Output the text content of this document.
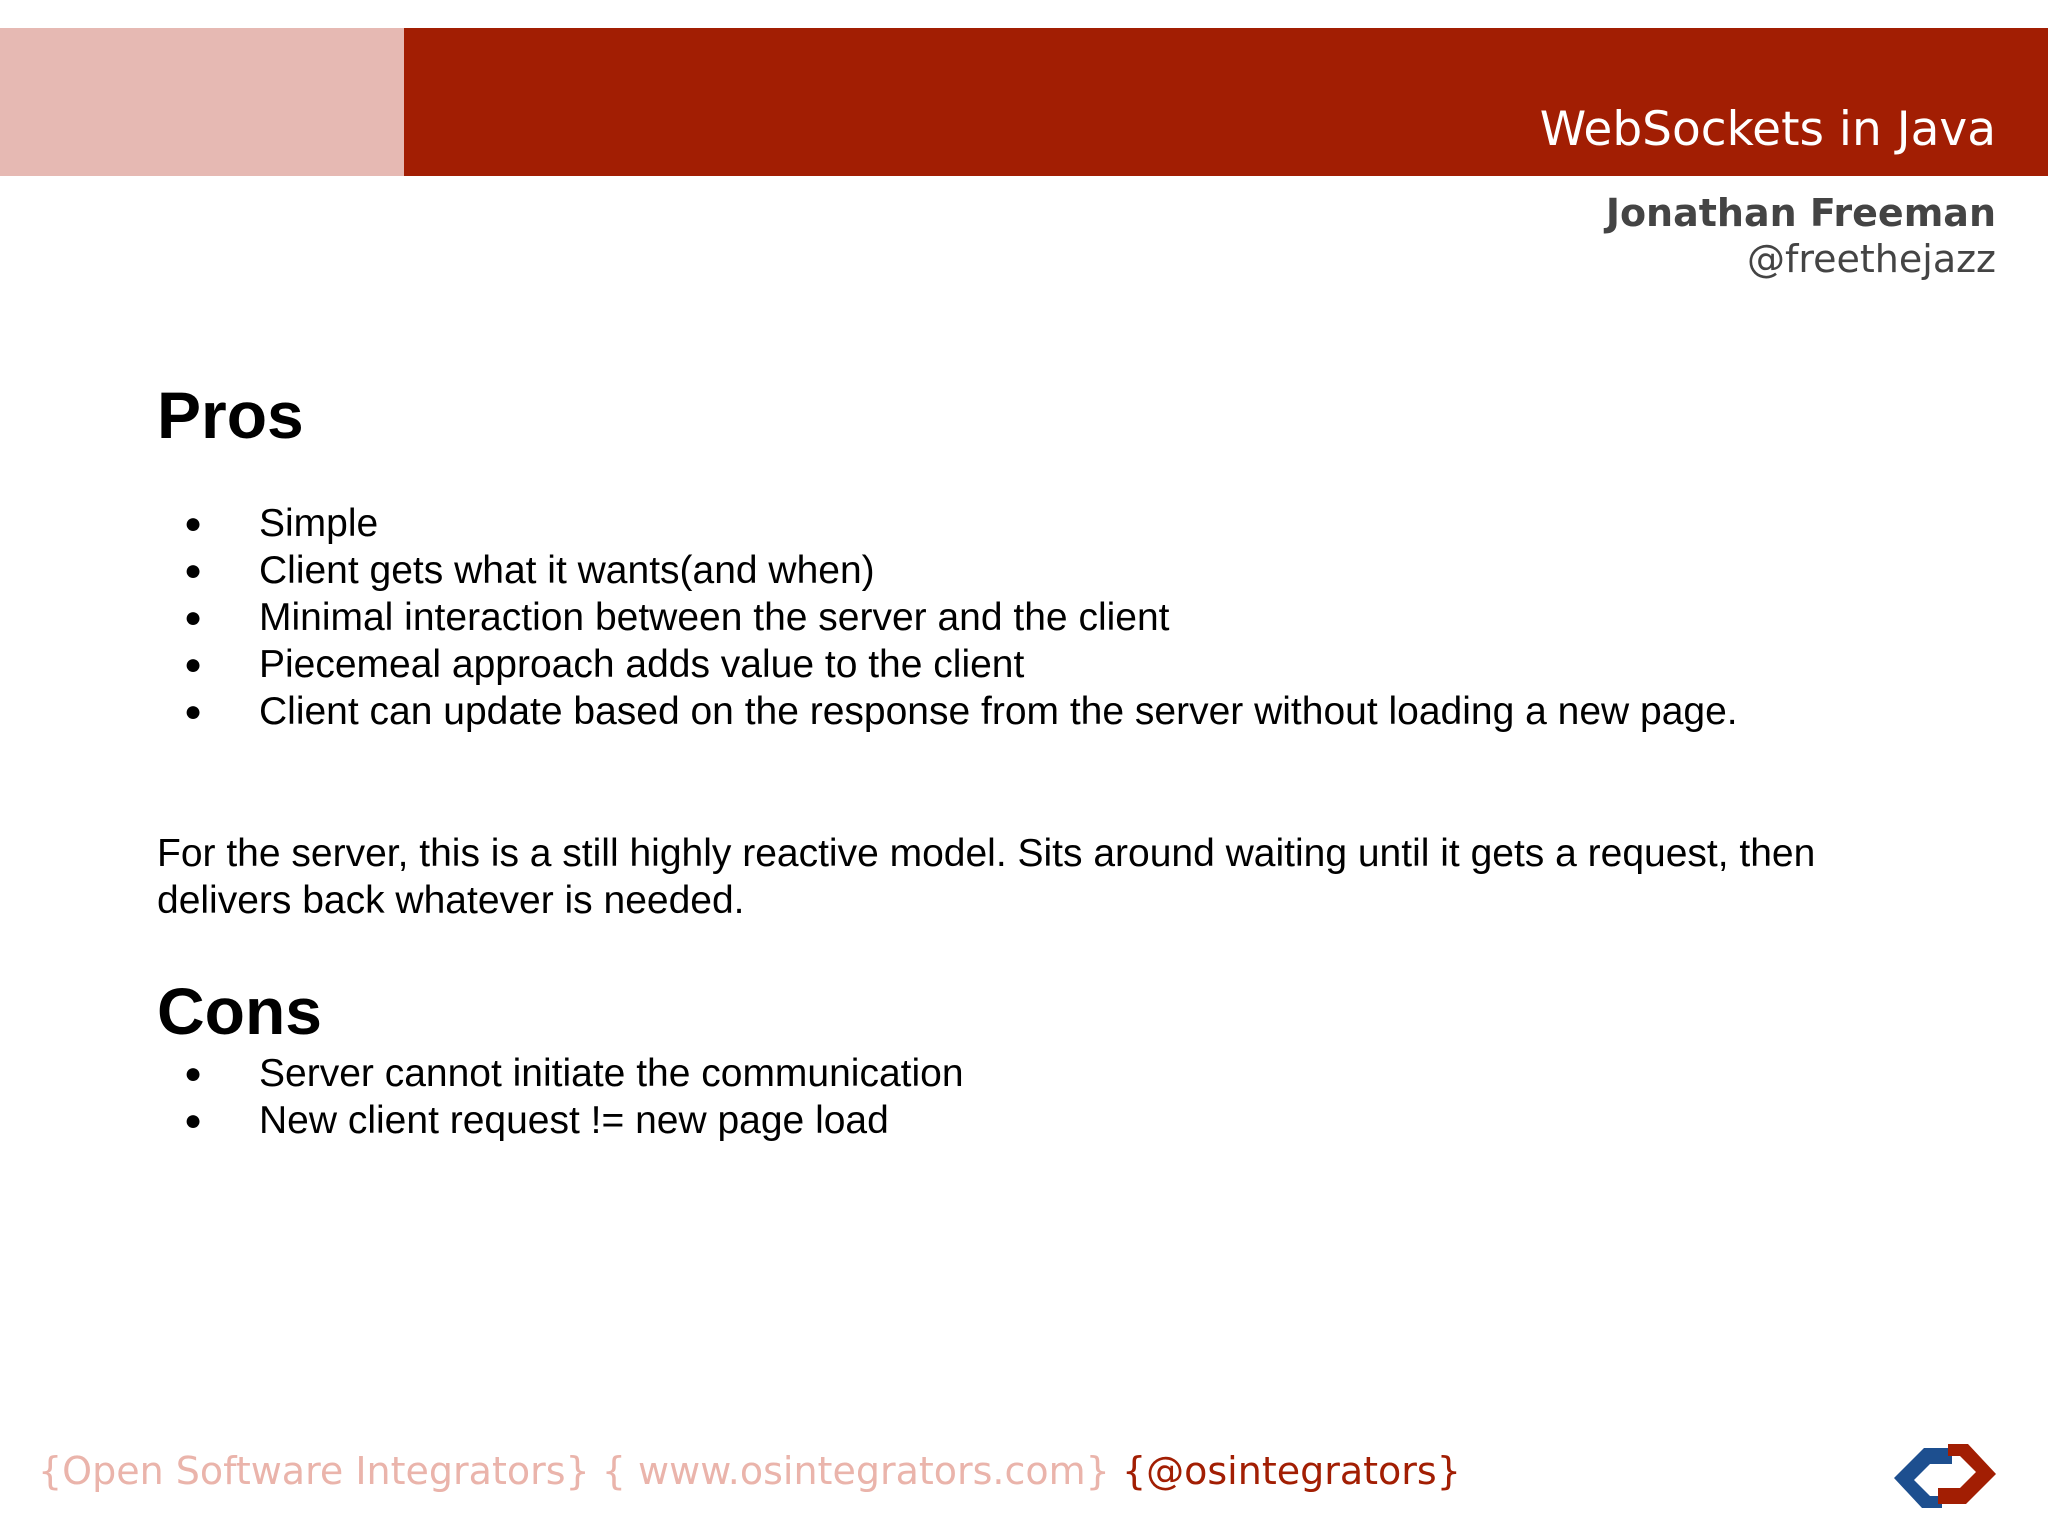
WebSockets in Java
Jonathan Freeman
@freethejazz
Pros
● Simple
● Client gets what it wants(and when)
● Minimal interaction between the server and the client
● Piecemeal approach adds value to the client
● Client can update based on the response from the server without loading a new page.
For the server, this is a still highly reactive model. Sits around waiting until it gets a request, then delivers back whatever is needed.
Cons
● Server cannot initiate the communication
● New client request != new page load
{Open Software Integrators} { www.osintegrators.com} {@osintegrators}
